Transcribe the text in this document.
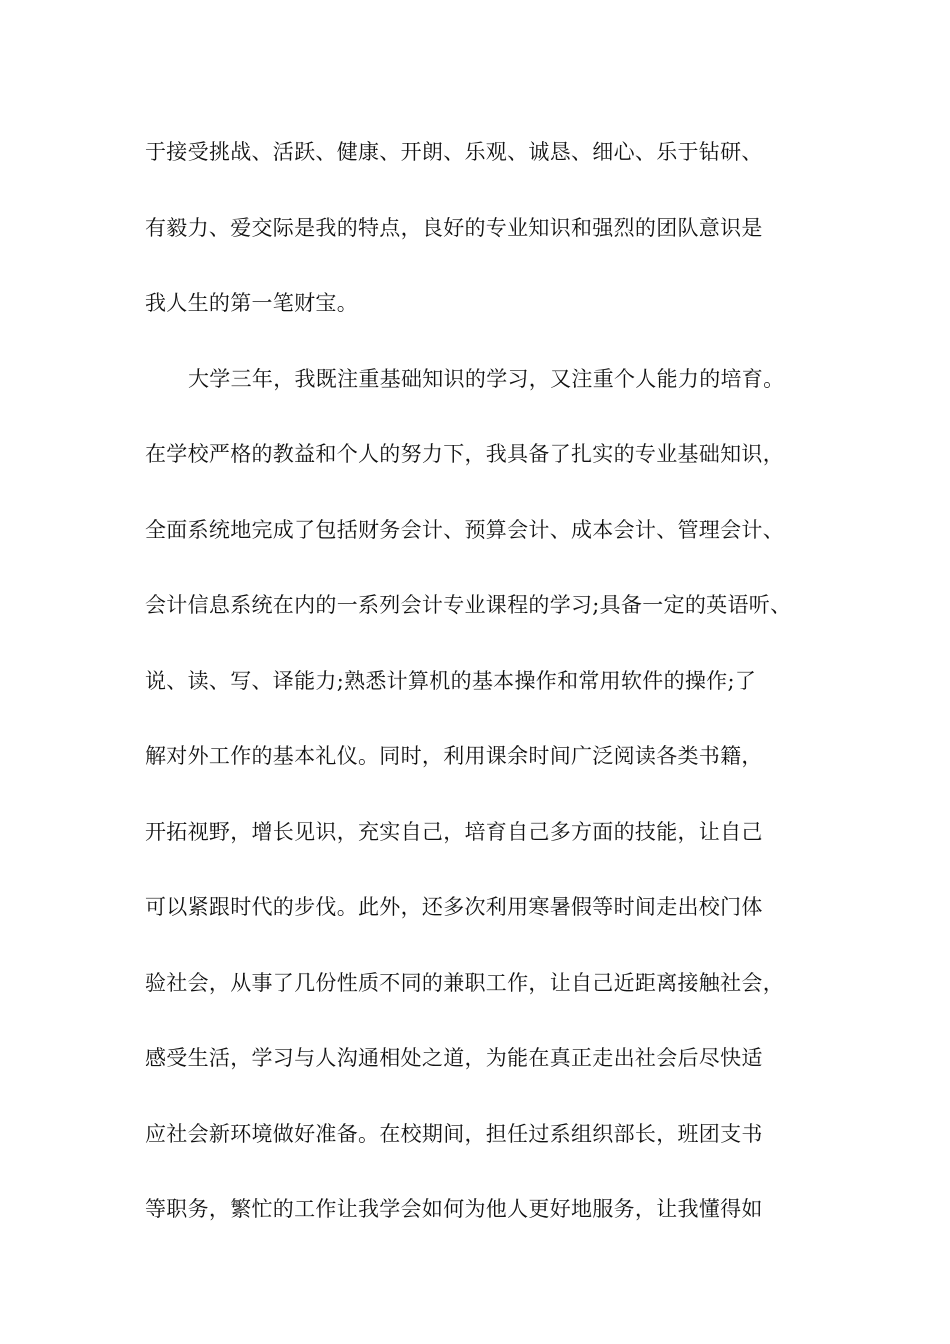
于接受挑战、活跃、健康、开朗、乐观、诚恳、细心、乐于钻研、
有毅力、爱交际是我的特点，良好的专业知识和强烈的团队意识是
我人生的第一笔财宝。
大学三年，我既注重基础知识的学习，又注重个人能力的培育。
在学校严格的教益和个人的努力下，我具备了扎实的专业基础知识，
全面系统地完成了包括财务会计、预算会计、成本会计、管理会计、
会计信息系统在内的一系列会计专业课程的学习;具备一定的英语听、
说、读、写、译能力;熟悉计算机的基本操作和常用软件的操作;了
解对外工作的基本礼仪。同时，利用课余时间广泛阅读各类书籍，
开拓视野，增长见识，充实自己，培育自己多方面的技能，让自己
可以紧跟时代的步伐。此外，还多次利用寒暑假等时间走出校门体
验社会，从事了几份性质不同的兼职工作，让自己近距离接触社会，
感受生活，学习与人沟通相处之道，为能在真正走出社会后尽快适
应社会新环境做好准备。在校期间，担任过系组织部长，班团支书
等职务，繁忙的工作让我学会如何为他人更好地服务，让我懂得如
